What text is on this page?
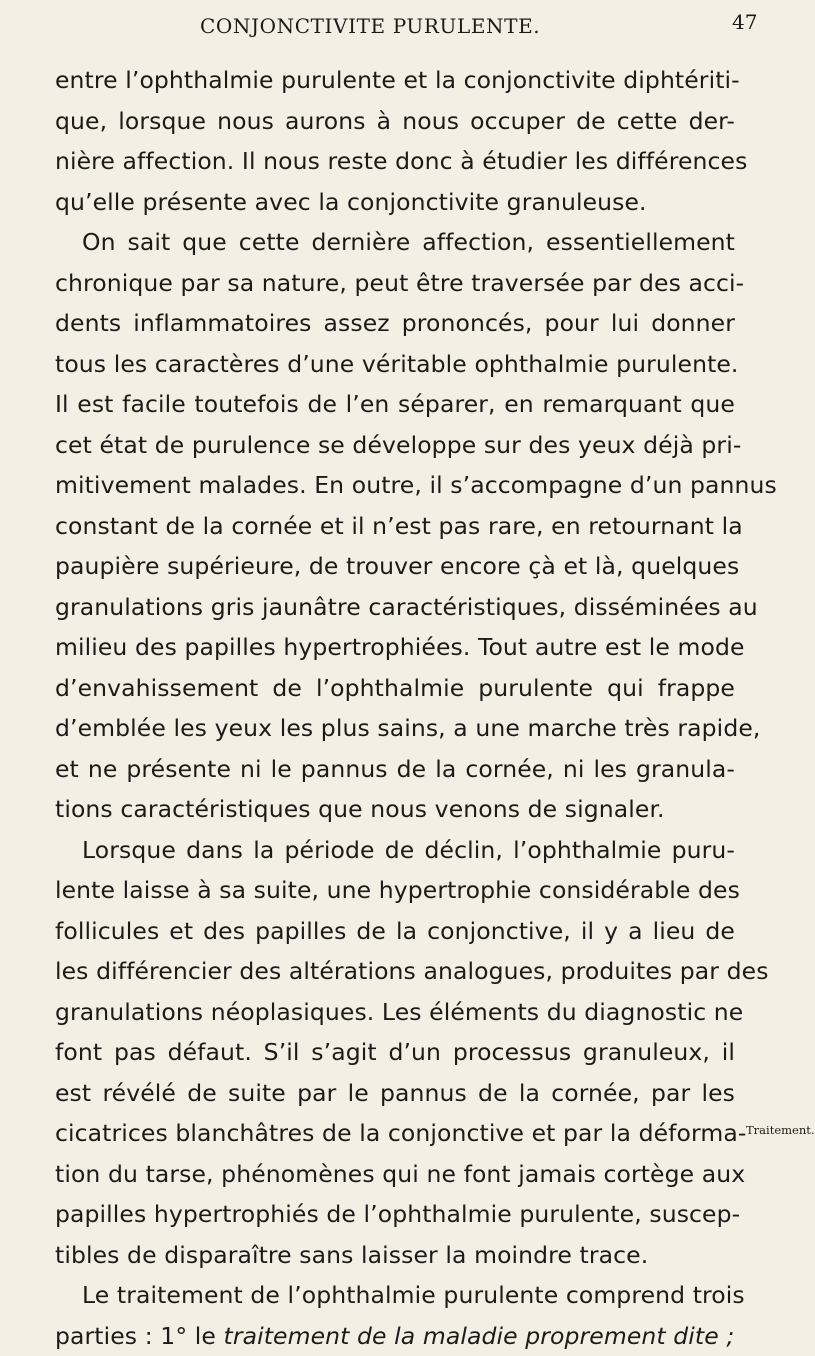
CONJONCTIVITE PURULENTE.	47
entre l’ophthalmie purulente et la conjonctivite diphtériti-
que, lorsque nous aurons à nous occuper de cette der-
nière affection. Il nous reste donc à étudier les différences
qu’elle présente avec la conjonctivite granuleuse.
On sait que cette dernière affection, essentiellement
chronique par sa nature, peut être traversée par des acci-
dents inflammatoires assez prononcés, pour lui donner
tous les caractères d’une véritable ophthalmie purulente.
Il est facile toutefois de l’en séparer, en remarquant que
cet état de purulence se développe sur des yeux déjà pri-
mitivement malades. En outre, il s’accompagne d’un pannus
constant de la cornée et il n’est pas rare, en retournant la
paupière supérieure, de trouver encore çà et là, quelques
granulations gris jaunâtre caractéristiques, disséminées au
milieu des papilles hypertrophiées. Tout autre est le mode
d’envahissement de l’ophthalmie purulente qui frappe
d’emblée les yeux les plus sains, a une marche très rapide,
et ne présente ni le pannus de la cornée, ni les granula-
tions caractéristiques que nous venons de signaler.
Lorsque dans la période de déclin, l’ophthalmie puru-
lente laisse à sa suite, une hypertrophie considérable des
follicules et des papilles de la conjonctive, il y a lieu de
les différencier des altérations analogues, produites par des
granulations néoplasiques. Les éléments du diagnostic ne
font pas défaut. S’il s’agit d’un processus granuleux, il
est révélé de suite par le pannus de la cornée, par les
cicatrices blanchâtres de la conjonctive et par la déforma-
tion du tarse, phénomènes qui ne font jamais cortège aux
papilles hypertrophiés de l’ophthalmie purulente, suscep-
tibles de disparaître sans laisser la moindre trace.
Le traitement de l’ophthalmie purulente comprend trois
parties : 1° le traitement de la maladie proprement dite ;
Traitement.
